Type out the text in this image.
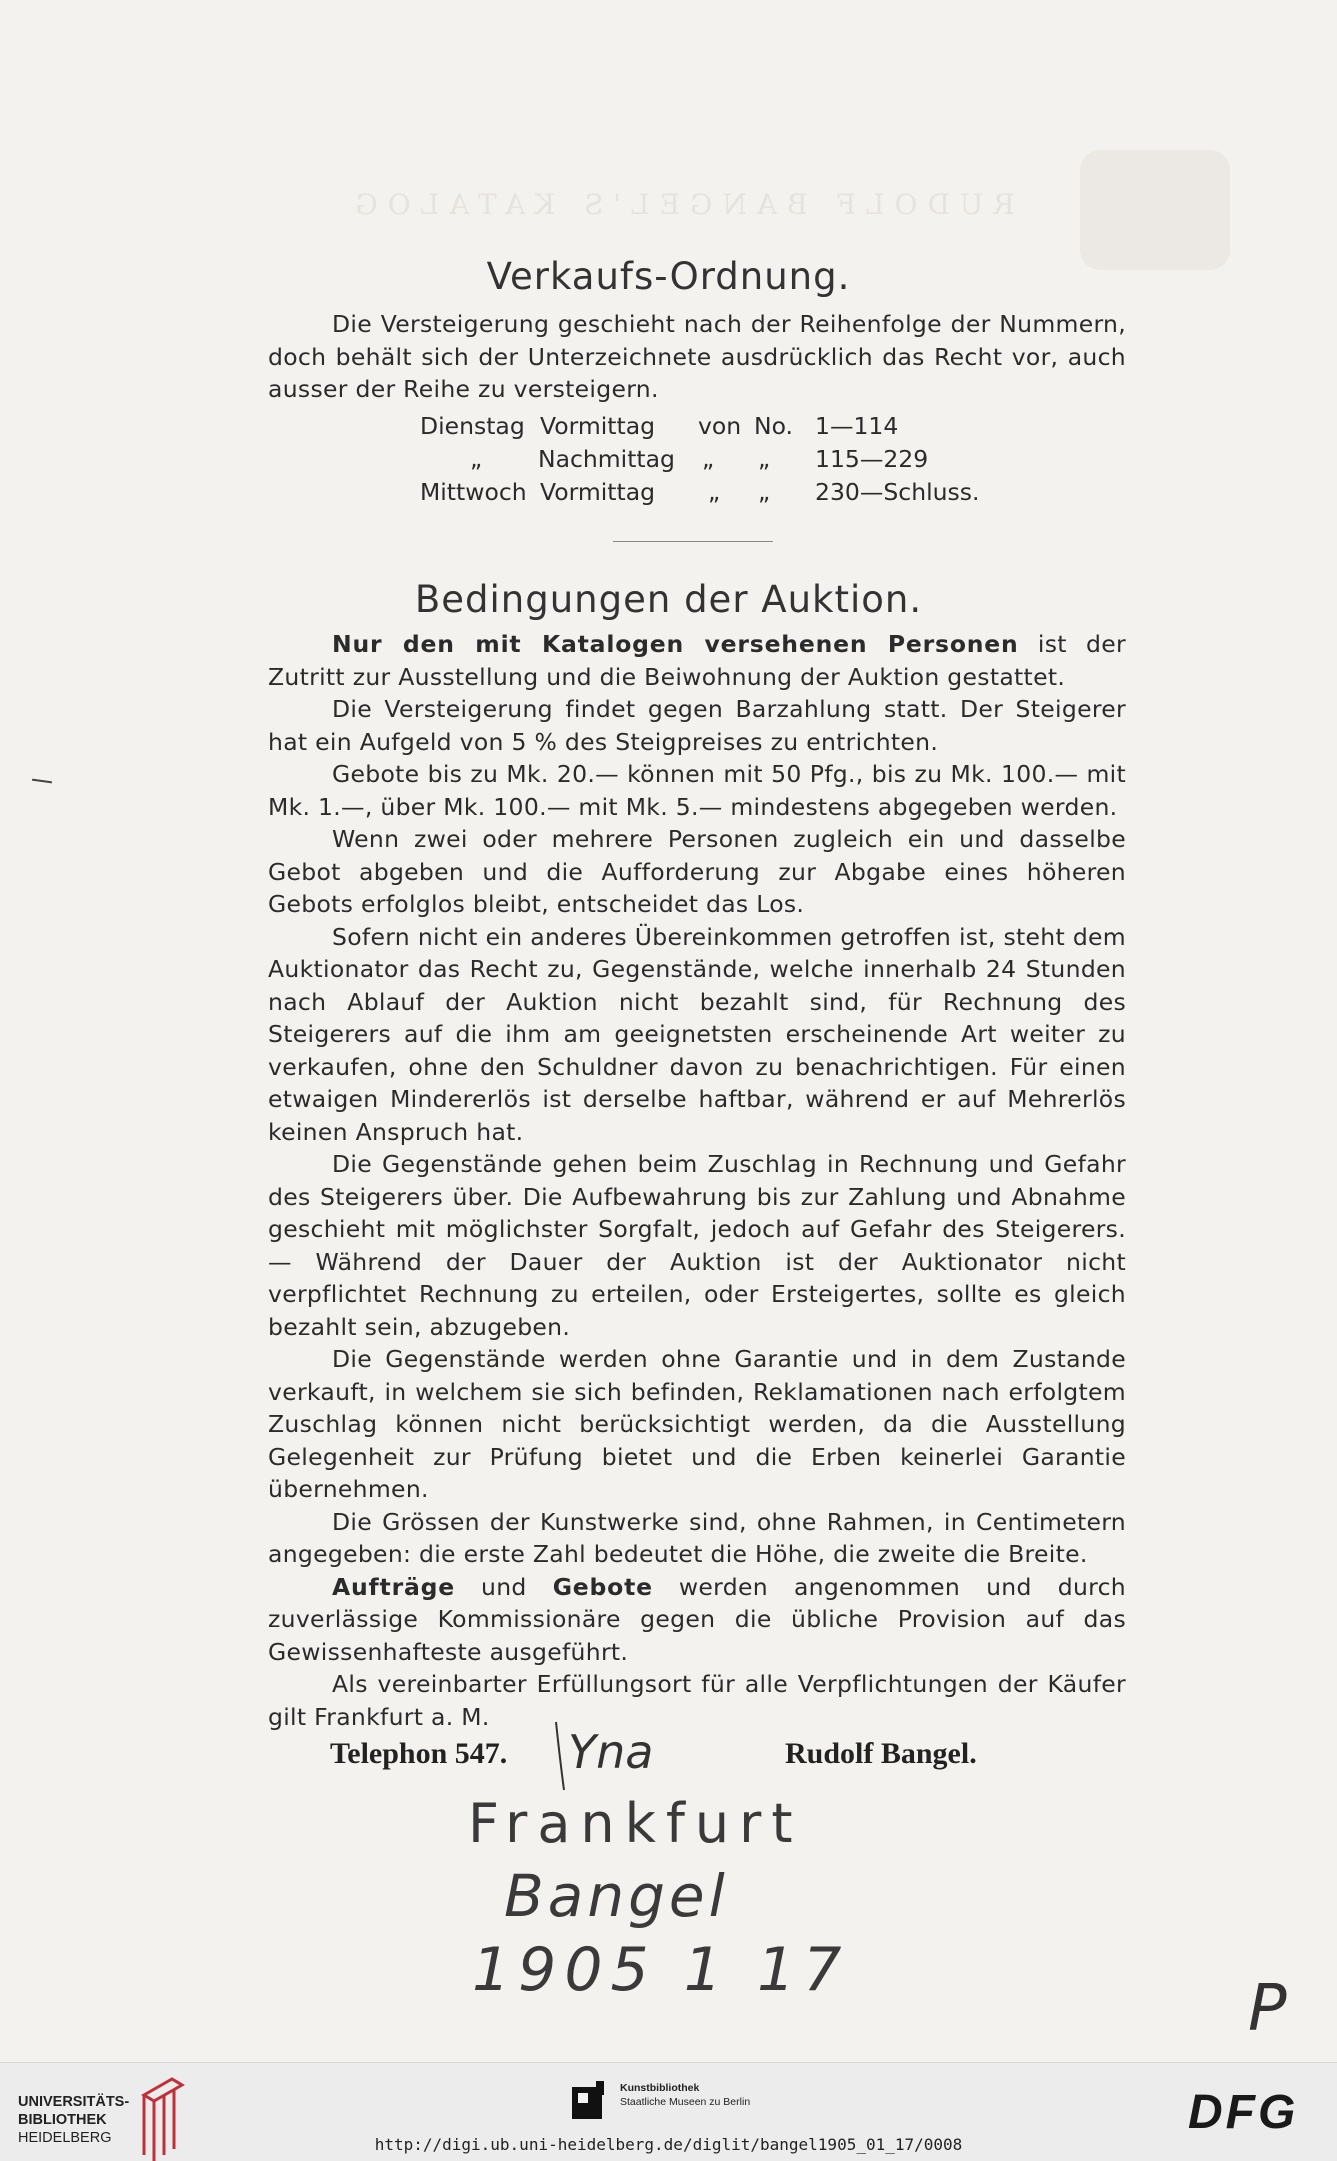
RUDOLF BANGEL'S KATALOG
Verkaufs-Ordnung.

Die Versteigerung geschieht nach der Reihenfolge der Nummern, doch behält sich der Unterzeichnete ausdrücklich das Recht vor, auch ausser der Reihe zu versteigern.

Dienstag Vormittag von No. 1—114
„ Nachmittag „ „ 115—229
Mittwoch Vormittag „ „ 230—Schluss.
Bedingungen der Auktion.

Nur den mit Katalogen versehenen Personen ist der Zutritt zur Ausstellung und die Beiwohnung der Auktion gestattet.

Die Versteigerung findet gegen Barzahlung statt. Der Steigerer hat ein Aufgeld von 5 % des Steigpreises zu entrichten.

Gebote bis zu Mk. 20.— können mit 50 Pfg., bis zu Mk. 100.— mit Mk. 1.—, über Mk. 100.— mit Mk. 5.— mindestens abgegeben werden.

Wenn zwei oder mehrere Personen zugleich ein und dasselbe Gebot abgeben und die Aufforderung zur Abgabe eines höheren Gebots erfolglos bleibt, entscheidet das Los.

Sofern nicht ein anderes Übereinkommen getroffen ist, steht dem Auktionator das Recht zu, Gegenstände, welche innerhalb 24 Stunden nach Ablauf der Auktion nicht bezahlt sind, für Rechnung des Steigerers auf die ihm am geeignetsten erscheinende Art weiter zu verkaufen, ohne den Schuldner davon zu benachrichtigen. Für einen etwaigen Mindererlös ist derselbe haftbar, während er auf Mehrerlös keinen Anspruch hat.

Die Gegenstände gehen beim Zuschlag in Rechnung und Gefahr des Steigerers über. Die Aufbewahrung bis zur Zahlung und Abnahme geschieht mit möglichster Sorgfalt, jedoch auf Gefahr des Steigerers. — Während der Dauer der Auktion ist der Auktionator nicht verpflichtet Rechnung zu erteilen, oder Ersteigertes, sollte es gleich bezahlt sein, abzugeben.

Die Gegenstände werden ohne Garantie und in dem Zustande verkauft, in welchem sie sich befinden, Reklamationen nach erfolgtem Zuschlag können nicht berücksichtigt werden, da die Ausstellung Gelegenheit zur Prüfung bietet und die Erben keinerlei Garantie übernehmen.

Die Grössen der Kunstwerke sind, ohne Rahmen, in Centimetern angegeben: die erste Zahl bedeutet die Höhe, die zweite die Breite.

Aufträge und Gebote werden angenommen und durch zuverlässige Kommissionäre gegen die übliche Provision auf das Gewissenhafteste ausgeführt.

Als vereinbarter Erfüllungsort für alle Verpflichtungen der Käufer gilt Frankfurt a. M.

Telephon 547.	Rudolf Bangel.
Yna
Frankfurt
Bangel
1905 1 17
P
UNIVERSITÄTS-
BIBLIOTHEK
HEIDELBERG
Kunstbibliothek
Staatliche Museen zu Berlin	DFG
http://digi.ub.uni-heidelberg.de/diglit/bangel1905_01_17/0008
